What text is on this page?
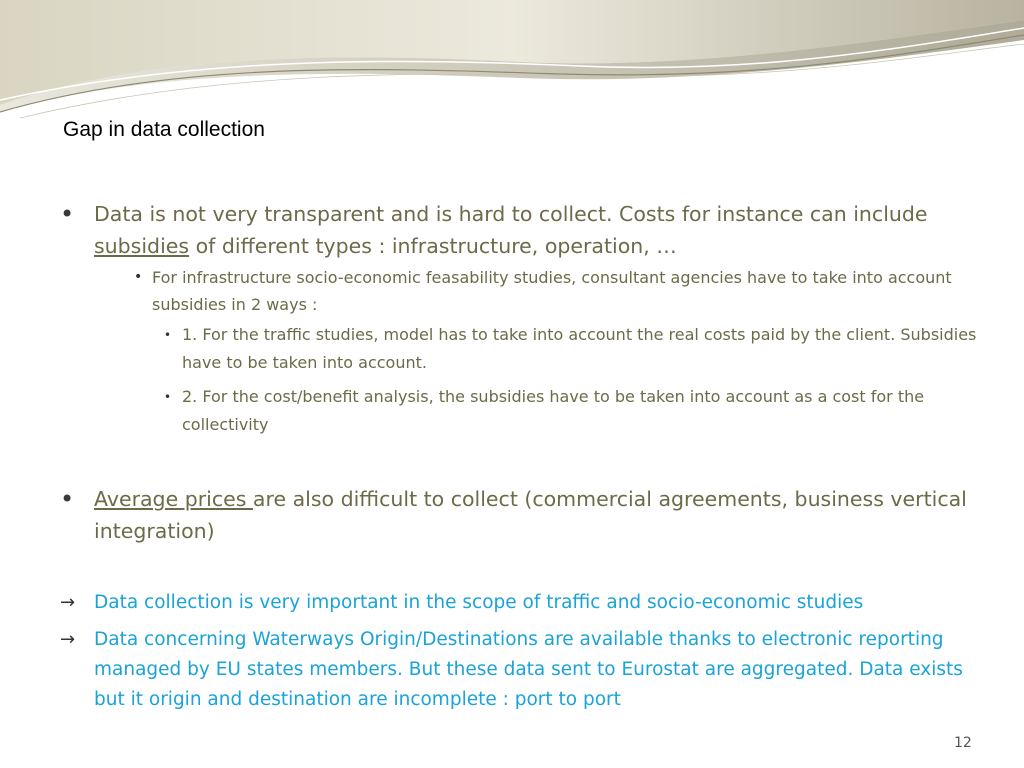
Gap in data collection
• Data is not very transparent and is hard to collect. Costs for instance can include subsidies of different types : infrastructure, operation, …
• For infrastructure socio-economic feasability studies, consultant agencies have to take into account subsidies in 2 ways :
• 1. For the traffic studies, model has to take into account the real costs paid by the client. Subsidies have to be taken into account.
• 2. For the cost/benefit analysis, the subsidies have to be taken into account as a cost for the collectivity
• Average prices are also difficult to collect (commercial agreements, business vertical integration)
→ Data collection is very important in the scope of traffic and socio-economic studies
→ Data concerning Waterways Origin/Destinations are available thanks to electronic reporting managed by EU states members. But these data sent to Eurostat are aggregated. Data exists but it origin and destination are incomplete : port to port
12
